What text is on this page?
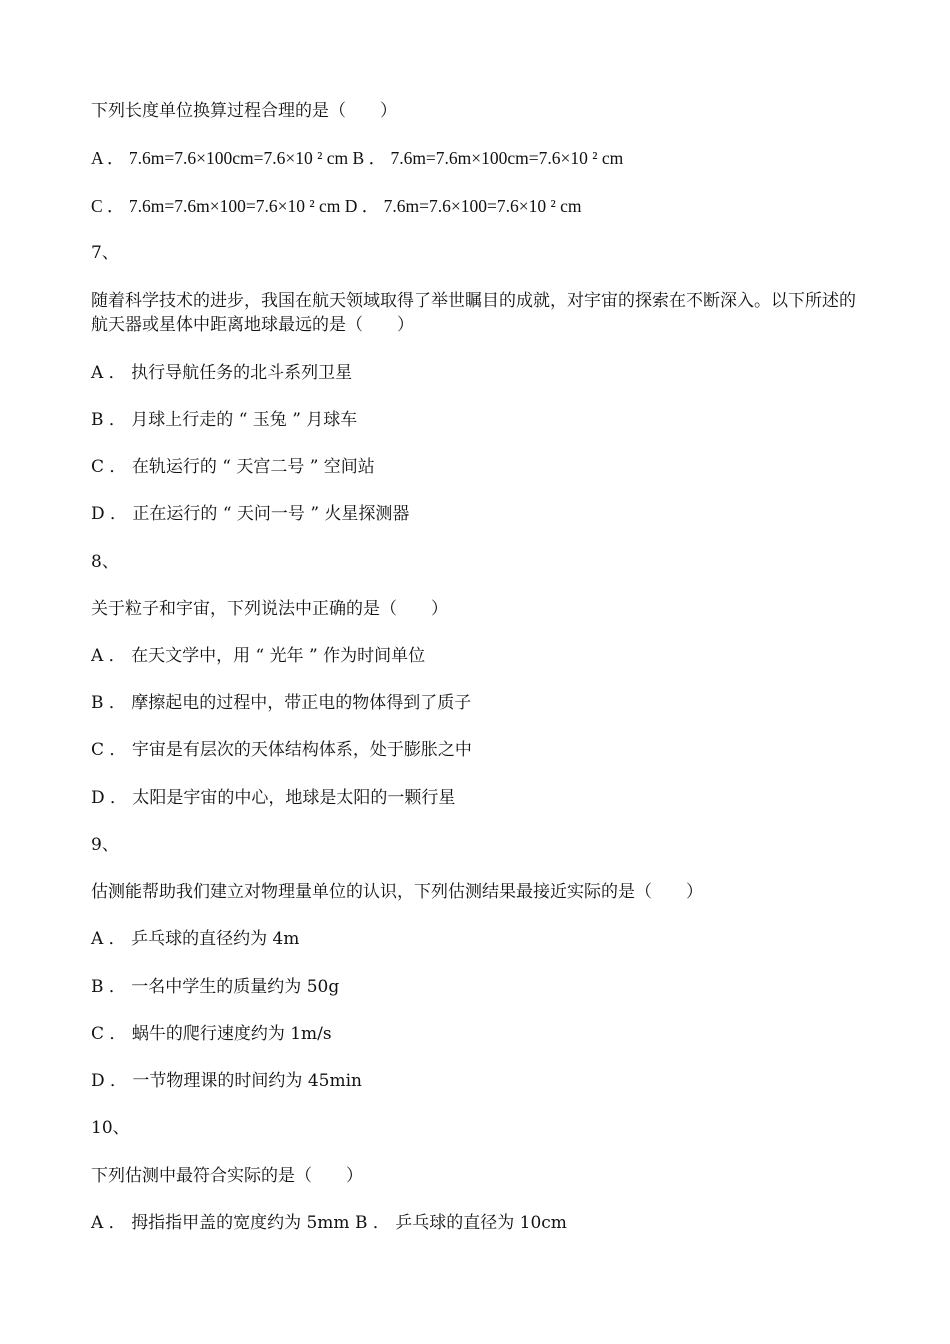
下列长度单位换算过程合理的是（　　）
A ． 7.6m=7.6×100cm=7.6×10 ² cm B ． 7.6m=7.6m×100cm=7.6×10 ² cm
C ． 7.6m=7.6m×100=7.6×10 ² cm D ． 7.6m=7.6×100=7.6×10 ² cm
7、
随着科学技术的进步，我国在航天领域取得了举世瞩目的成就，对宇宙的探索在不断深入。以下所述的航天器或星体中距离地球最远的是（　　）
A ． 执行导航任务的北斗系列卫星
B ． 月球上行走的 “ 玉兔 ” 月球车
C ． 在轨运行的 “ 天宫二号 ” 空间站
D ． 正在运行的 “ 天问一号 ” 火星探测器
8、
关于粒子和宇宙，下列说法中正确的是（　　）
A ． 在天文学中，用 “ 光年 ” 作为时间单位
B ． 摩擦起电的过程中，带正电的物体得到了质子
C ． 宇宙是有层次的天体结构体系，处于膨胀之中
D ． 太阳是宇宙的中心，地球是太阳的一颗行星
9、
估测能帮助我们建立对物理量单位的认识，下列估测结果最接近实际的是（　　）
A ． 乒乓球的直径约为 4m
B ． 一名中学生的质量约为 50g
C ． 蜗牛的爬行速度约为 1m/s
D ． 一节物理课的时间约为 45min
10、
下列估测中最符合实际的是（　　）
A ． 拇指指甲盖的宽度约为 5mm B ． 乒乓球的直径为 10cm
